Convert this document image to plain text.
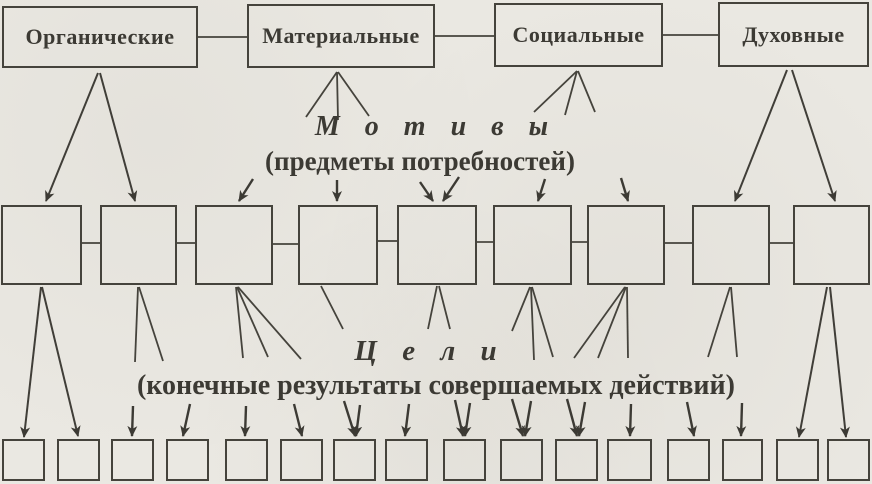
Органические	Материальные	Социальные	Духовные
М о т и в ы
(предметы потребностей)
Ц е л и
(конечные результаты совершаемых действий)
